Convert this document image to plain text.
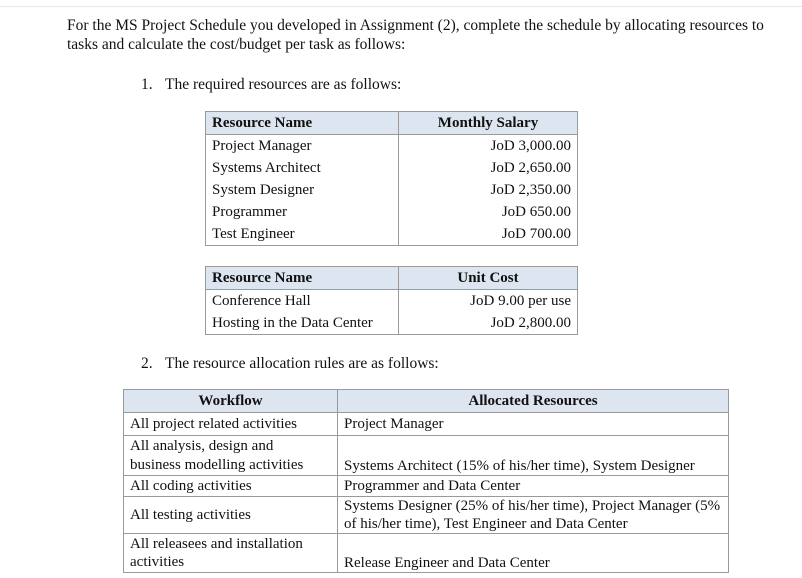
For the MS Project Schedule you developed in Assignment (2), complete the schedule by allocating resources to tasks and calculate the cost/budget per task as follows:
1. The required resources are as follows:
Resource Name	Monthly Salary
Project Manager	JoD 3,000.00
Systems Architect	JoD 2,650.00
System Designer	JoD 2,350.00
Programmer	JoD 650.00
Test Engineer	JoD 700.00
Resource Name	Unit Cost
Conference Hall	JoD 9.00 per use
Hosting in the Data Center	JoD 2,800.00
2. The resource allocation rules are as follows:
Workflow	Allocated Resources
All project related activities	Project Manager
All analysis, design and
business modelling activities	Systems Architect (15% of his/her time), System Designer
All coding activities	Programmer and Data Center
All testing activities	Systems Designer (25% of his/her time), Project Manager (5% of his/her time), Test Engineer and Data Center
All releasees and installation
activities	Release Engineer and Data Center
